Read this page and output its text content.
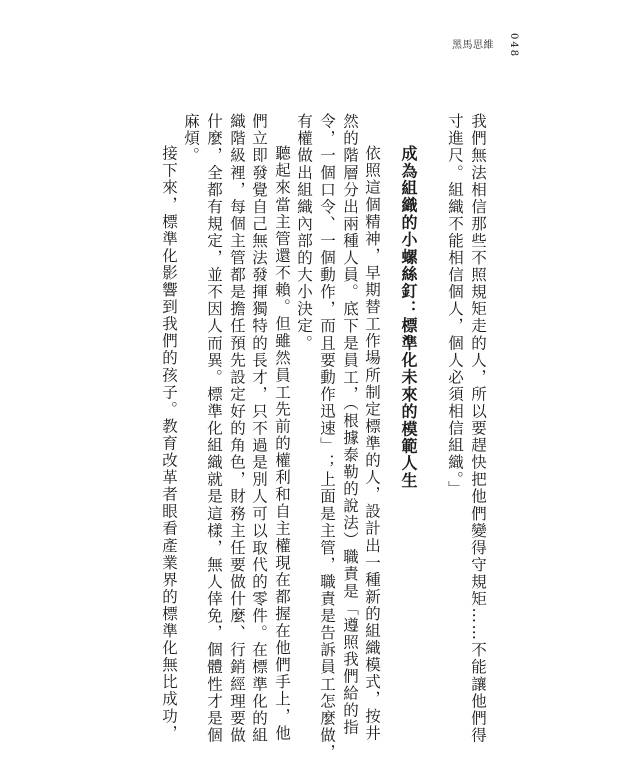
黑馬思維 048
我們無法相信那些不照規矩走的人，所以要趕快把他們變得守規矩……不能讓他們得
寸進尺。組織不能相信個人，個人必須相信組織。」
成為組織的小螺絲釘：標準化未來的模範人生
依照這個精神，早期替工作場所制定標準的人，設計出一種新的組織模式，按井
然的階層分出兩種人員。底下是員工，（根據泰勒的說法）職責是「遵照我們給的指
令，一個口令、一個動作，而且要動作迅速」；上面是主管，職責是告訴員工怎麼做，
有權做出組織內部的大小決定。
聽起來當主管還不賴。但雖然員工先前的權利和自主權現在都握在他們手上，他
們立即發覺自己無法發揮獨特的長才，只不過是別人可以取代的零件。在標準化的組
織階級裡，每個主管都是擔任預先設定好的角色，財務主任要做什麼、行銷經理要做
什麼，全都有規定，並不因人而異。標準化組織就是這樣，無人倖免，個體性才是個
麻煩。
接下來，標準化影響到我們的孩子。教育改革者眼看產業界的標準化無比成功，
